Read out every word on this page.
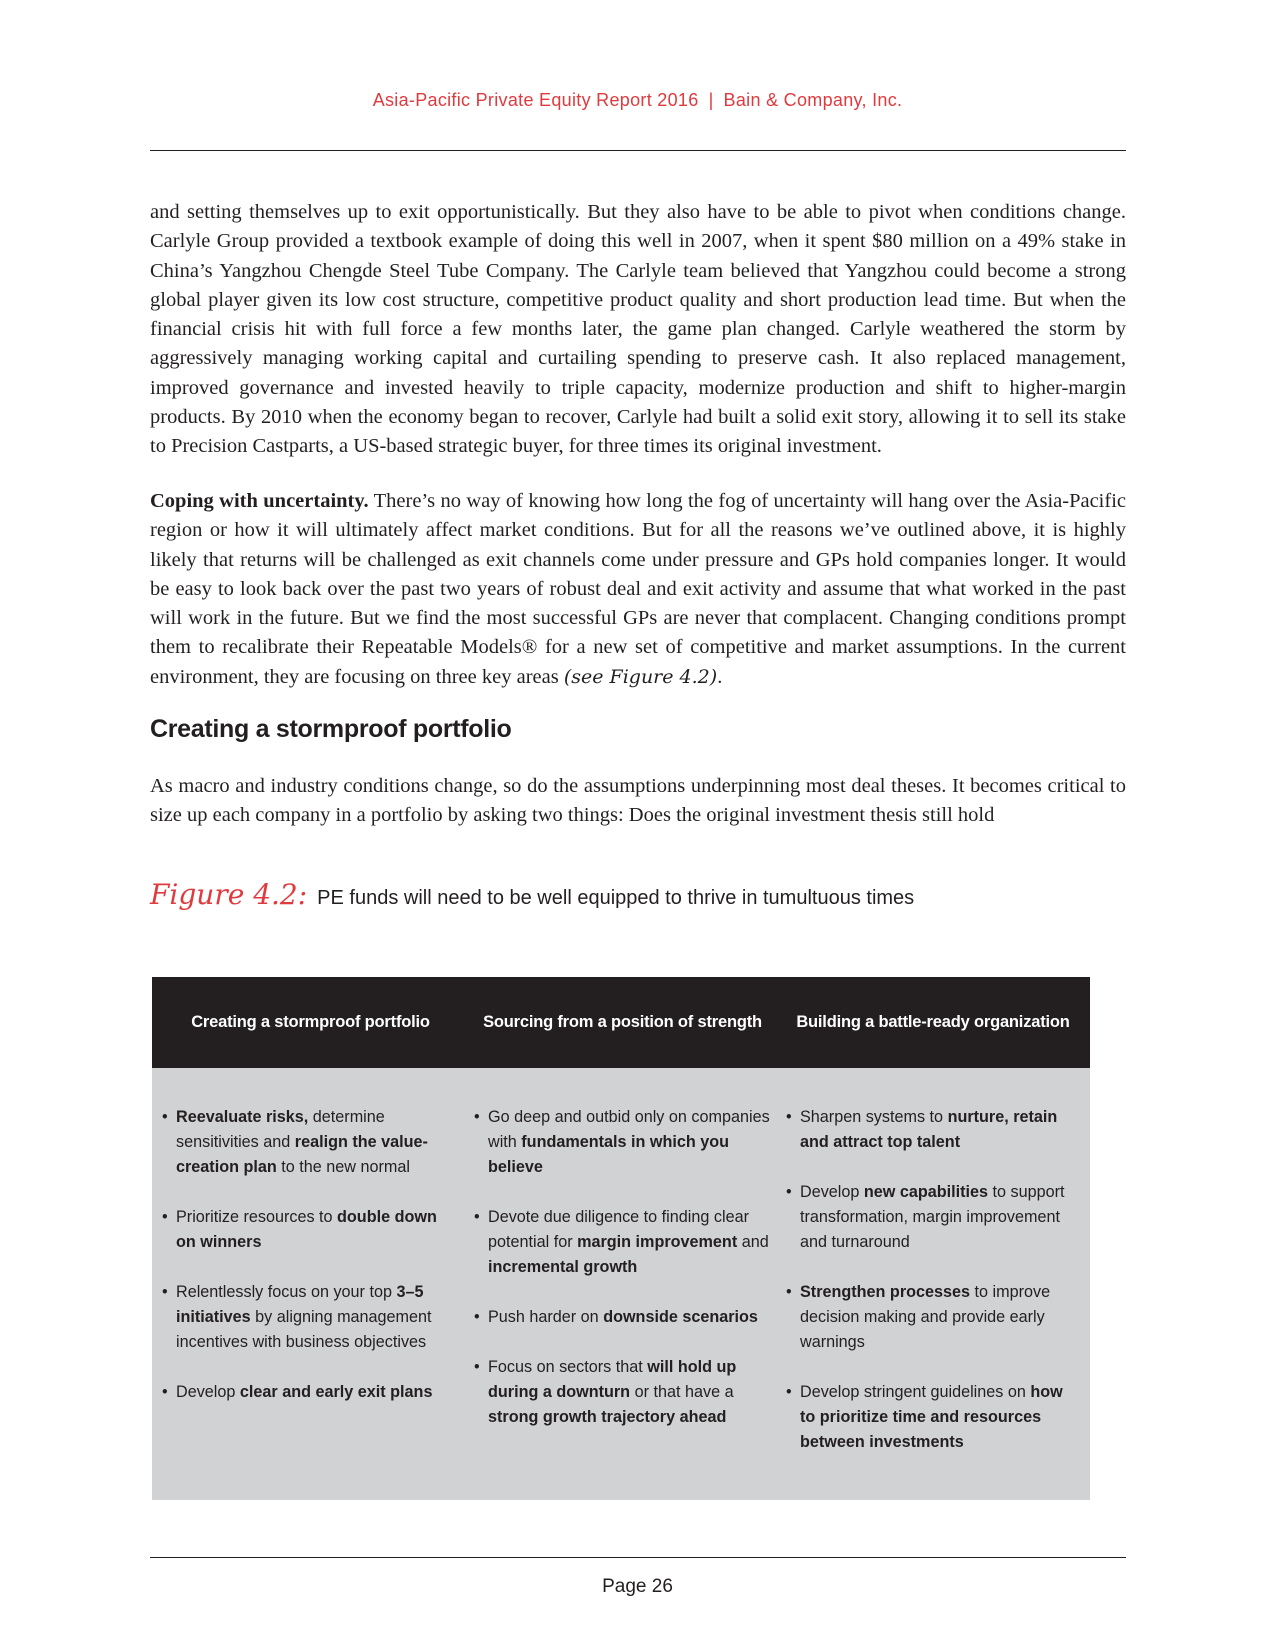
Asia-Pacific Private Equity Report 2016 | Bain & Company, Inc.
and setting themselves up to exit opportunistically. But they also have to be able to pivot when conditions change. Carlyle Group provided a textbook example of doing this well in 2007, when it spent $80 million on a 49% stake in China’s Yangzhou Chengde Steel Tube Company. The Carlyle team believed that Yangzhou could become a strong global player given its low cost structure, competitive product quality and short production lead time. But when the financial crisis hit with full force a few months later, the game plan changed. Carlyle weathered the storm by aggressively managing working capital and curtailing spending to preserve cash. It also replaced management, improved governance and invested heavily to triple capacity, modernize production and shift to higher-margin products. By 2010 when the economy began to recover, Carlyle had built a solid exit story, allowing it to sell its stake to Precision Castparts, a US-based strategic buyer, for three times its original investment.
Coping with uncertainty. There’s no way of knowing how long the fog of uncertainty will hang over the Asia-Pacific region or how it will ultimately affect market conditions. But for all the reasons we’ve outlined above, it is highly likely that returns will be challenged as exit channels come under pressure and GPs hold companies longer. It would be easy to look back over the past two years of robust deal and exit activity and assume that what worked in the past will work in the future. But we find the most successful GPs are never that complacent. Changing conditions prompt them to recalibrate their Repeatable Models® for a new set of competitive and market assumptions. In the current environment, they are focusing on three key areas (see Figure 4.2).
Creating a stormproof portfolio
As macro and industry conditions change, so do the assumptions underpinning most deal theses. It becomes critical to size up each company in a portfolio by asking two things: Does the original investment thesis still hold
Figure 4.2: PE funds will need to be well equipped to thrive in tumultuous times
Creating a stormproof portfolio
• Reevaluate risks, determine sensitivities and realign the value-creation plan to the new normal
• Prioritize resources to double down on winners
• Relentlessly focus on your top 3–5 initiatives by aligning management incentives with business objectives
• Develop clear and early exit plans
Sourcing from a position of strength
• Go deep and outbid only on companies with fundamentals in which you believe
• Devote due diligence to finding clear potential for margin improvement and incremental growth
• Push harder on downside scenarios
• Focus on sectors that will hold up during a downturn or that have a strong growth trajectory ahead
Building a battle-ready organization
• Sharpen systems to nurture, retain and attract top talent
• Develop new capabilities to support transformation, margin improvement and turnaround
• Strengthen processes to improve decision making and provide early warnings
• Develop stringent guidelines on how to prioritize time and resources between investments
Page 26
